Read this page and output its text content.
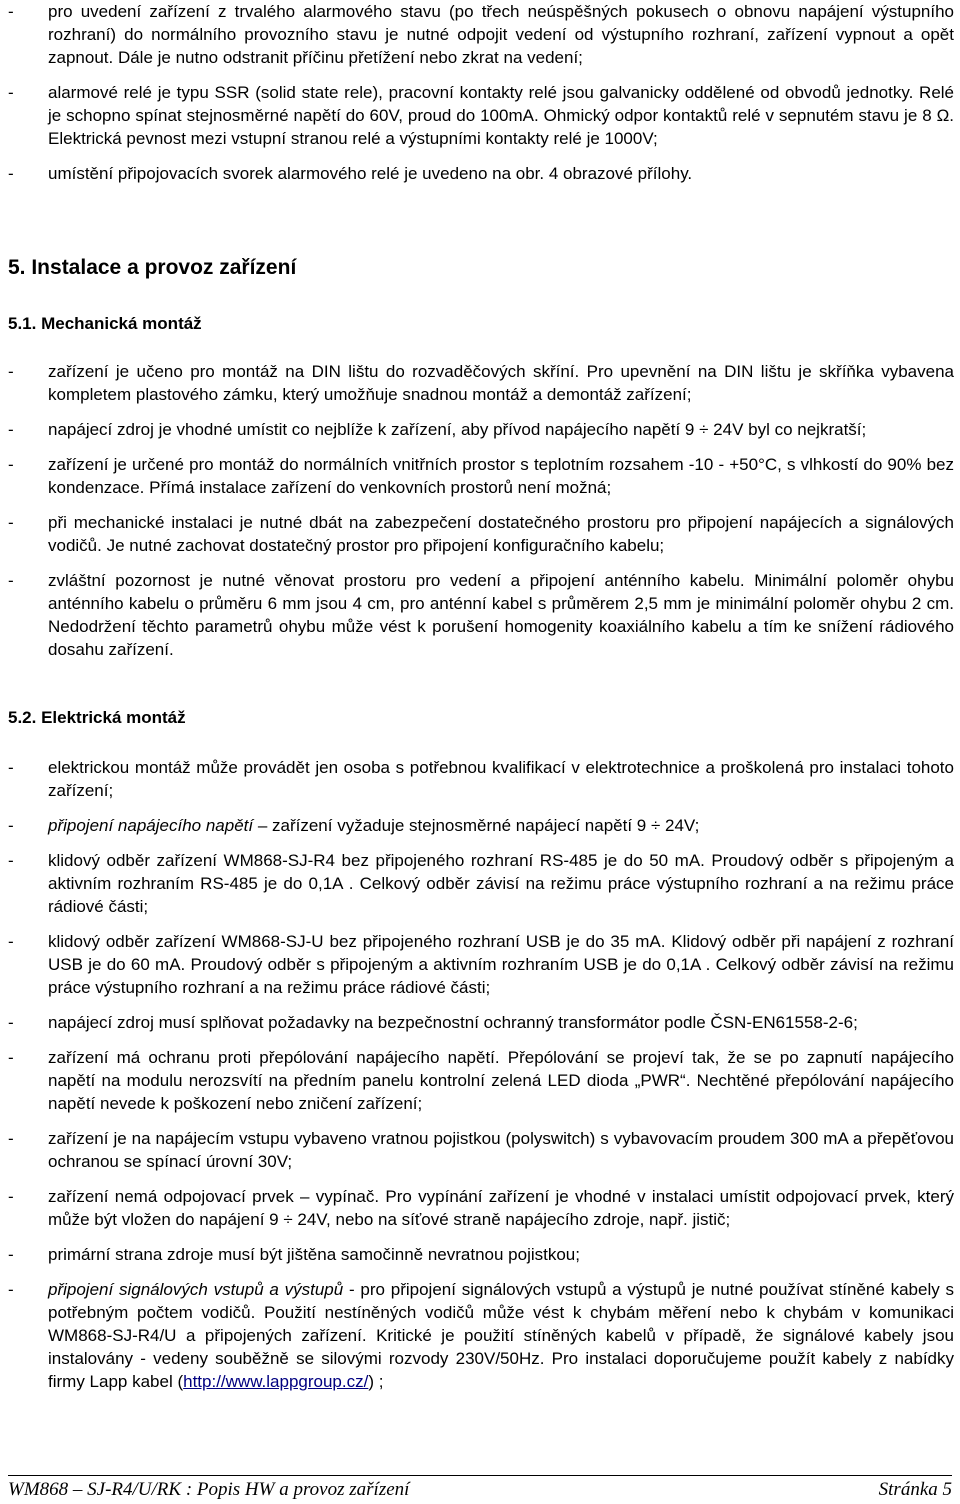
- pro uvedení zařízení z trvalého alarmového stavu (po třech neúspěšných pokusech o obnovu napájení výstupního rozhraní) do normálního provozního stavu je nutné odpojit vedení od výstupního rozhraní, zařízení vypnout a opět zapnout. Dále je nutno odstranit příčinu přetížení nebo zkrat na vedení;
- alarmové relé je typu SSR (solid state rele), pracovní kontakty relé jsou galvanicky oddělené od obvodů jednotky. Relé je schopno spínat stejnosměrné napětí do 60V, proud do 100mA. Ohmický odpor kontaktů relé v sepnutém stavu je 8 Ω. Elektrická pevnost mezi vstupní stranou relé a výstupními kontakty relé je 1000V;
- umístění připojovacích svorek alarmového relé je uvedeno na obr. 4 obrazové přílohy.
5. Instalace a provoz zařízení
5.1. Mechanická montáž
- zařízení je učeno pro montáž na DIN lištu do rozvaděčových skříní. Pro upevnění na DIN lištu je skříňka vybavena kompletem plastového zámku, který umožňuje snadnou montáž a demontáž zařízení;
- napájecí zdroj je vhodné umístit co nejblíže k zařízení, aby přívod napájecího napětí 9 ÷ 24V byl co nejkratší;
- zařízení je určené pro montáž do normálních vnitřních prostor s teplotním rozsahem -10 - +50°C, s vlhkostí do 90% bez kondenzace. Přímá instalace zařízení do venkovních prostorů není možná;
- při mechanické instalaci je nutné dbát na zabezpečení dostatečného prostoru pro připojení napájecích a signálových vodičů. Je nutné zachovat dostatečný prostor pro připojení konfiguračního kabelu;
- zvláštní pozornost je nutné věnovat prostoru pro vedení a připojení anténního kabelu. Minimální poloměr ohybu anténního kabelu o průměru 6 mm jsou 4 cm, pro anténní kabel s průměrem 2,5 mm je minimální poloměr ohybu 2 cm. Nedodržení těchto parametrů ohybu může vést k porušení homogenity koaxiálního kabelu a tím ke snížení rádiového dosahu zařízení.
5.2. Elektrická montáž
- elektrickou montáž může provádět jen osoba s potřebnou kvalifikací v elektrotechnice a proškolená pro instalaci tohoto zařízení;
- připojení napájecího napětí – zařízení vyžaduje stejnosměrné napájecí napětí 9 ÷ 24V;
- klidový odběr zařízení WM868-SJ-R4 bez připojeného rozhraní RS-485 je do 50 mA. Proudový odběr s připojeným a aktivním rozhraním RS-485 je do 0,1A . Celkový odběr závisí na režimu práce výstupního rozhraní a na režimu práce rádiové části;
- klidový odběr zařízení WM868-SJ-U bez připojeného rozhraní USB je do 35 mA. Klidový odběr při napájení z rozhraní USB je do 60 mA. Proudový odběr s připojeným a aktivním rozhraním USB je do 0,1A . Celkový odběr závisí na režimu práce výstupního rozhraní a na režimu práce rádiové části;
- napájecí zdroj musí splňovat požadavky na bezpečnostní ochranný transformátor podle ČSN-EN61558-2-6;
- zařízení má ochranu proti přepólování napájecího napětí. Přepólování se projeví tak, že se po zapnutí napájecího napětí na modulu nerozsvítí na předním panelu kontrolní zelená LED dioda „PWR“. Nechtěné přepólování napájecího napětí nevede k poškození nebo zničení zařízení;
- zařízení je na napájecím vstupu vybaveno vratnou pojistkou (polyswitch) s vybavovacím proudem 300 mA a přepěťovou ochranou se spínací úrovní 30V;
- zařízení nemá odpojovací prvek – vypínač. Pro vypínání zařízení je vhodné v instalaci umístit odpojovací prvek, který může být vložen do napájení 9 ÷ 24V, nebo na síťové straně napájecího zdroje, např. jistič;
- primární strana zdroje musí být jištěna samočinně nevratnou pojistkou;
- připojení signálových vstupů a výstupů - pro připojení signálových vstupů a výstupů je nutné používat stíněné kabely s potřebným počtem vodičů. Použití nestíněných vodičů může vést k chybám měření nebo k chybám v komunikaci WM868-SJ-R4/U a připojených zařízení. Kritické je použití stíněných kabelů v případě, že signálové kabely jsou instalovány - vedeny souběžně se silovými rozvody 230V/50Hz. Pro instalaci doporučujeme použít kabely z nabídky firmy Lapp kabel (http://www.lappgroup.cz/) ;
WM868 – SJ-R4/U/RK : Popis HW a provoz zařízení	Stránka 5
